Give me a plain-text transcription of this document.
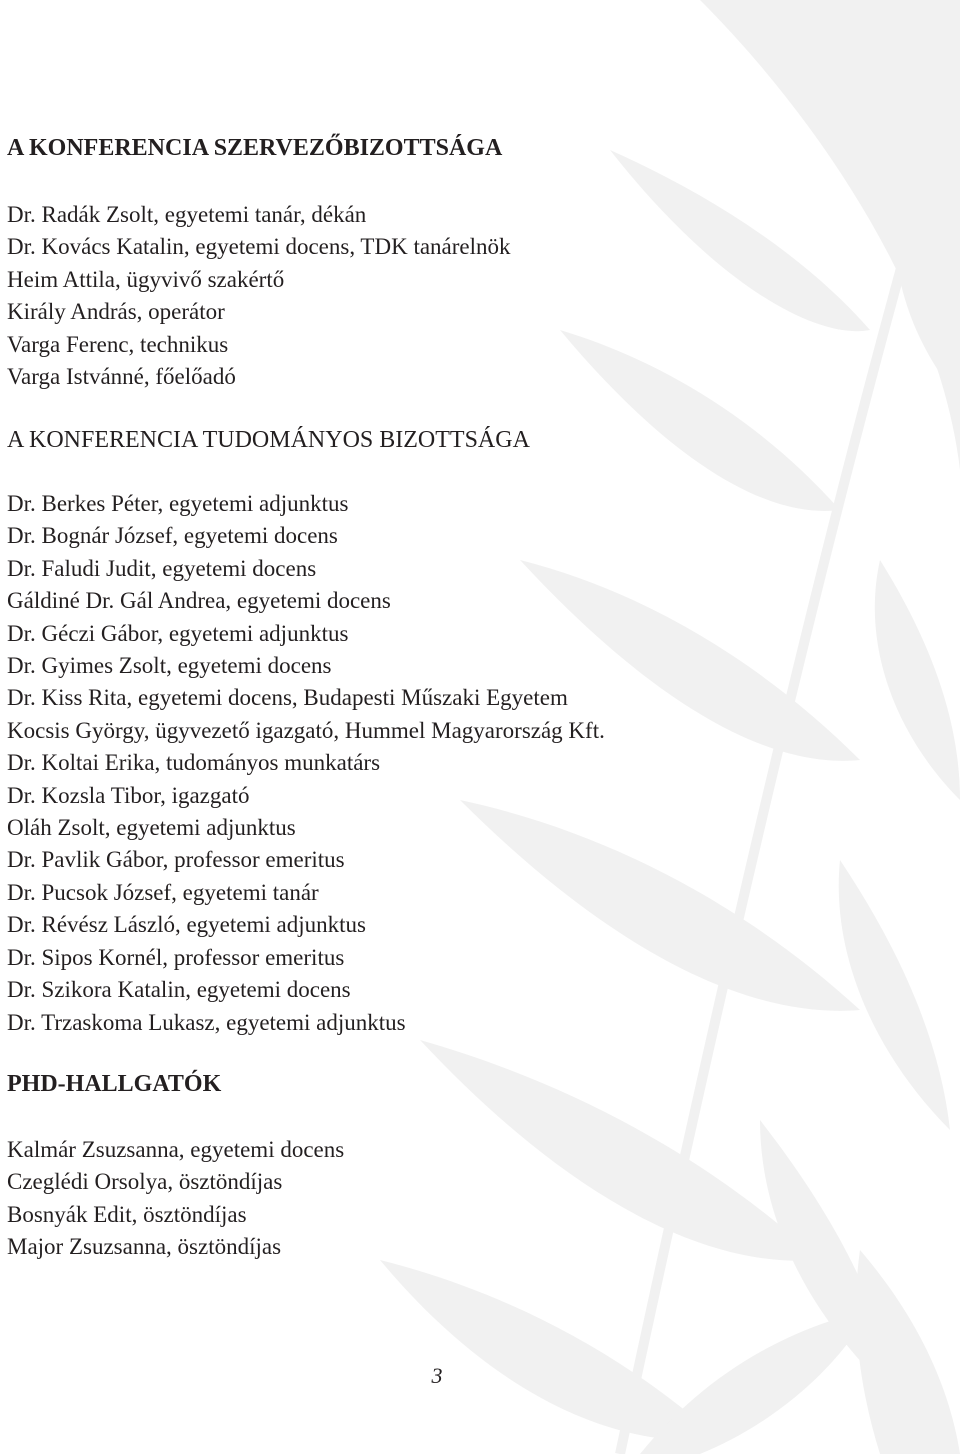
A KONFERENCIA SZERVEZŐBIZOTTSÁGA
Dr. Radák Zsolt, egyetemi tanár, dékán
Dr. Kovács Katalin, egyetemi docens, TDK tanárelnök
Heim Attila, ügyvivő szakértő
Király András, operátor
Varga Ferenc, technikus
Varga Istvánné, főelőadó
A KONFERENCIA TUDOMÁNYOS BIZOTTSÁGA
Dr. Berkes Péter, egyetemi adjunktus
Dr. Bognár József, egyetemi docens
Dr. Faludi Judit, egyetemi docens
Gáldiné Dr. Gál Andrea, egyetemi docens
Dr. Géczi Gábor, egyetemi adjunktus
Dr. Gyimes Zsolt, egyetemi docens
Dr. Kiss Rita, egyetemi docens, Budapesti Műszaki Egyetem
Kocsis György, ügyvezető igazgató, Hummel Magyarország Kft.
Dr. Koltai Erika, tudományos munkatárs
Dr. Kozsla Tibor, igazgató
Oláh Zsolt, egyetemi adjunktus
Dr. Pavlik Gábor, professor emeritus
Dr. Pucsok József, egyetemi tanár
Dr. Révész László, egyetemi adjunktus
Dr. Sipos Kornél, professor emeritus
Dr. Szikora Katalin, egyetemi docens
Dr. Trzaskoma Lukasz, egyetemi adjunktus
PHD-HALLGATÓK
Kalmár Zsuzsanna, egyetemi docens
Czeglédi Orsolya, ösztöndíjas
Bosnyák Edit, ösztöndíjas
Major Zsuzsanna, ösztöndíjas
3
